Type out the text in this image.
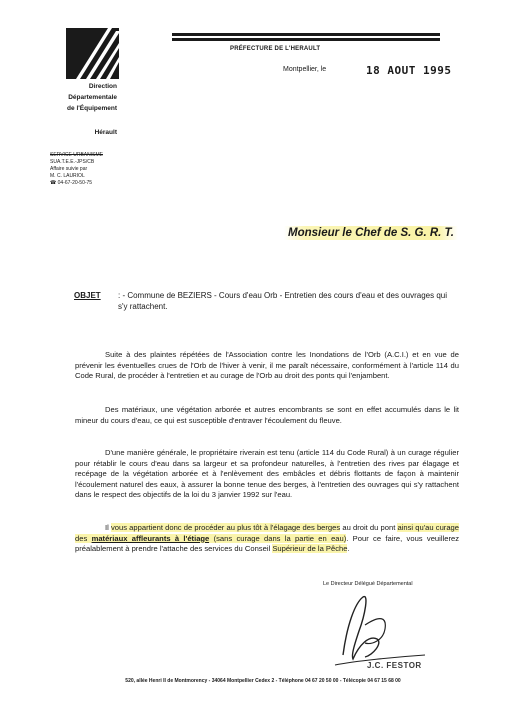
PRÉFECTURE DE L'HERAULT
Montpellier, le	18 AOUT 1995
Direction
Départementale
de l'Équipement
Hérault
SERVICE URBANISME
SUA.T.E.E.-JPS/CB
Affaire suivie par
M. C. LAURIOL
☎ 04-67-20-50-75
Monsieur le Chef de S. G. R. T.
OBJET : - Commune de BEZIERS - Cours d'eau Orb - Entretien des cours d'eau et des ouvrages qui s'y rattachent.
Suite à des plaintes répétées de l'Association contre les Inondations de l'Orb (A.C.I.) et en vue de prévenir les éventuelles crues de l'Orb de l'hiver à venir, il me paraît nécessaire, conformément à l'article 114 du Code Rural, de procéder à l'entretien et au curage de l'Orb au droit des ponts qui l'enjambent.
Des matériaux, une végétation arborée et autres encombrants se sont en effet accumulés dans le lit mineur du cours d'eau, ce qui est susceptible d'entraver l'écoulement du fleuve.
D'une manière générale, le propriétaire riverain est tenu (article 114 du Code Rural) à un curage régulier pour rétablir le cours d'eau dans sa largeur et sa profondeur naturelles, à l'entretien des rives par élagage et recépage de la végétation arborée et à l'enlèvement des embâcles et débris flottants de façon à maintenir l'écoulement naturel des eaux, à assurer la bonne tenue des berges, à l'entretien des ouvrages qui s'y rattachent dans le respect des objectifs de la loi du 3 janvier 1992 sur l'eau.
Il vous appartient donc de procéder au plus tôt à l'élagage des berges au droit du pont ainsi qu'au curage des matériaux affleurants à l'étiage (sans curage dans la partie en eau). Pour ce faire, vous veuillerez préalablement à prendre l'attache des services du Conseil Supérieur de la Pêche.
Le Directeur Délégué Départemental
J.C. FESTOR
520, allée Henri II de Montmorency - 34064 Montpellier Cedex 2 - Téléphone 04 67 20 50 00 - Télécopie 04 67 15 68 00
